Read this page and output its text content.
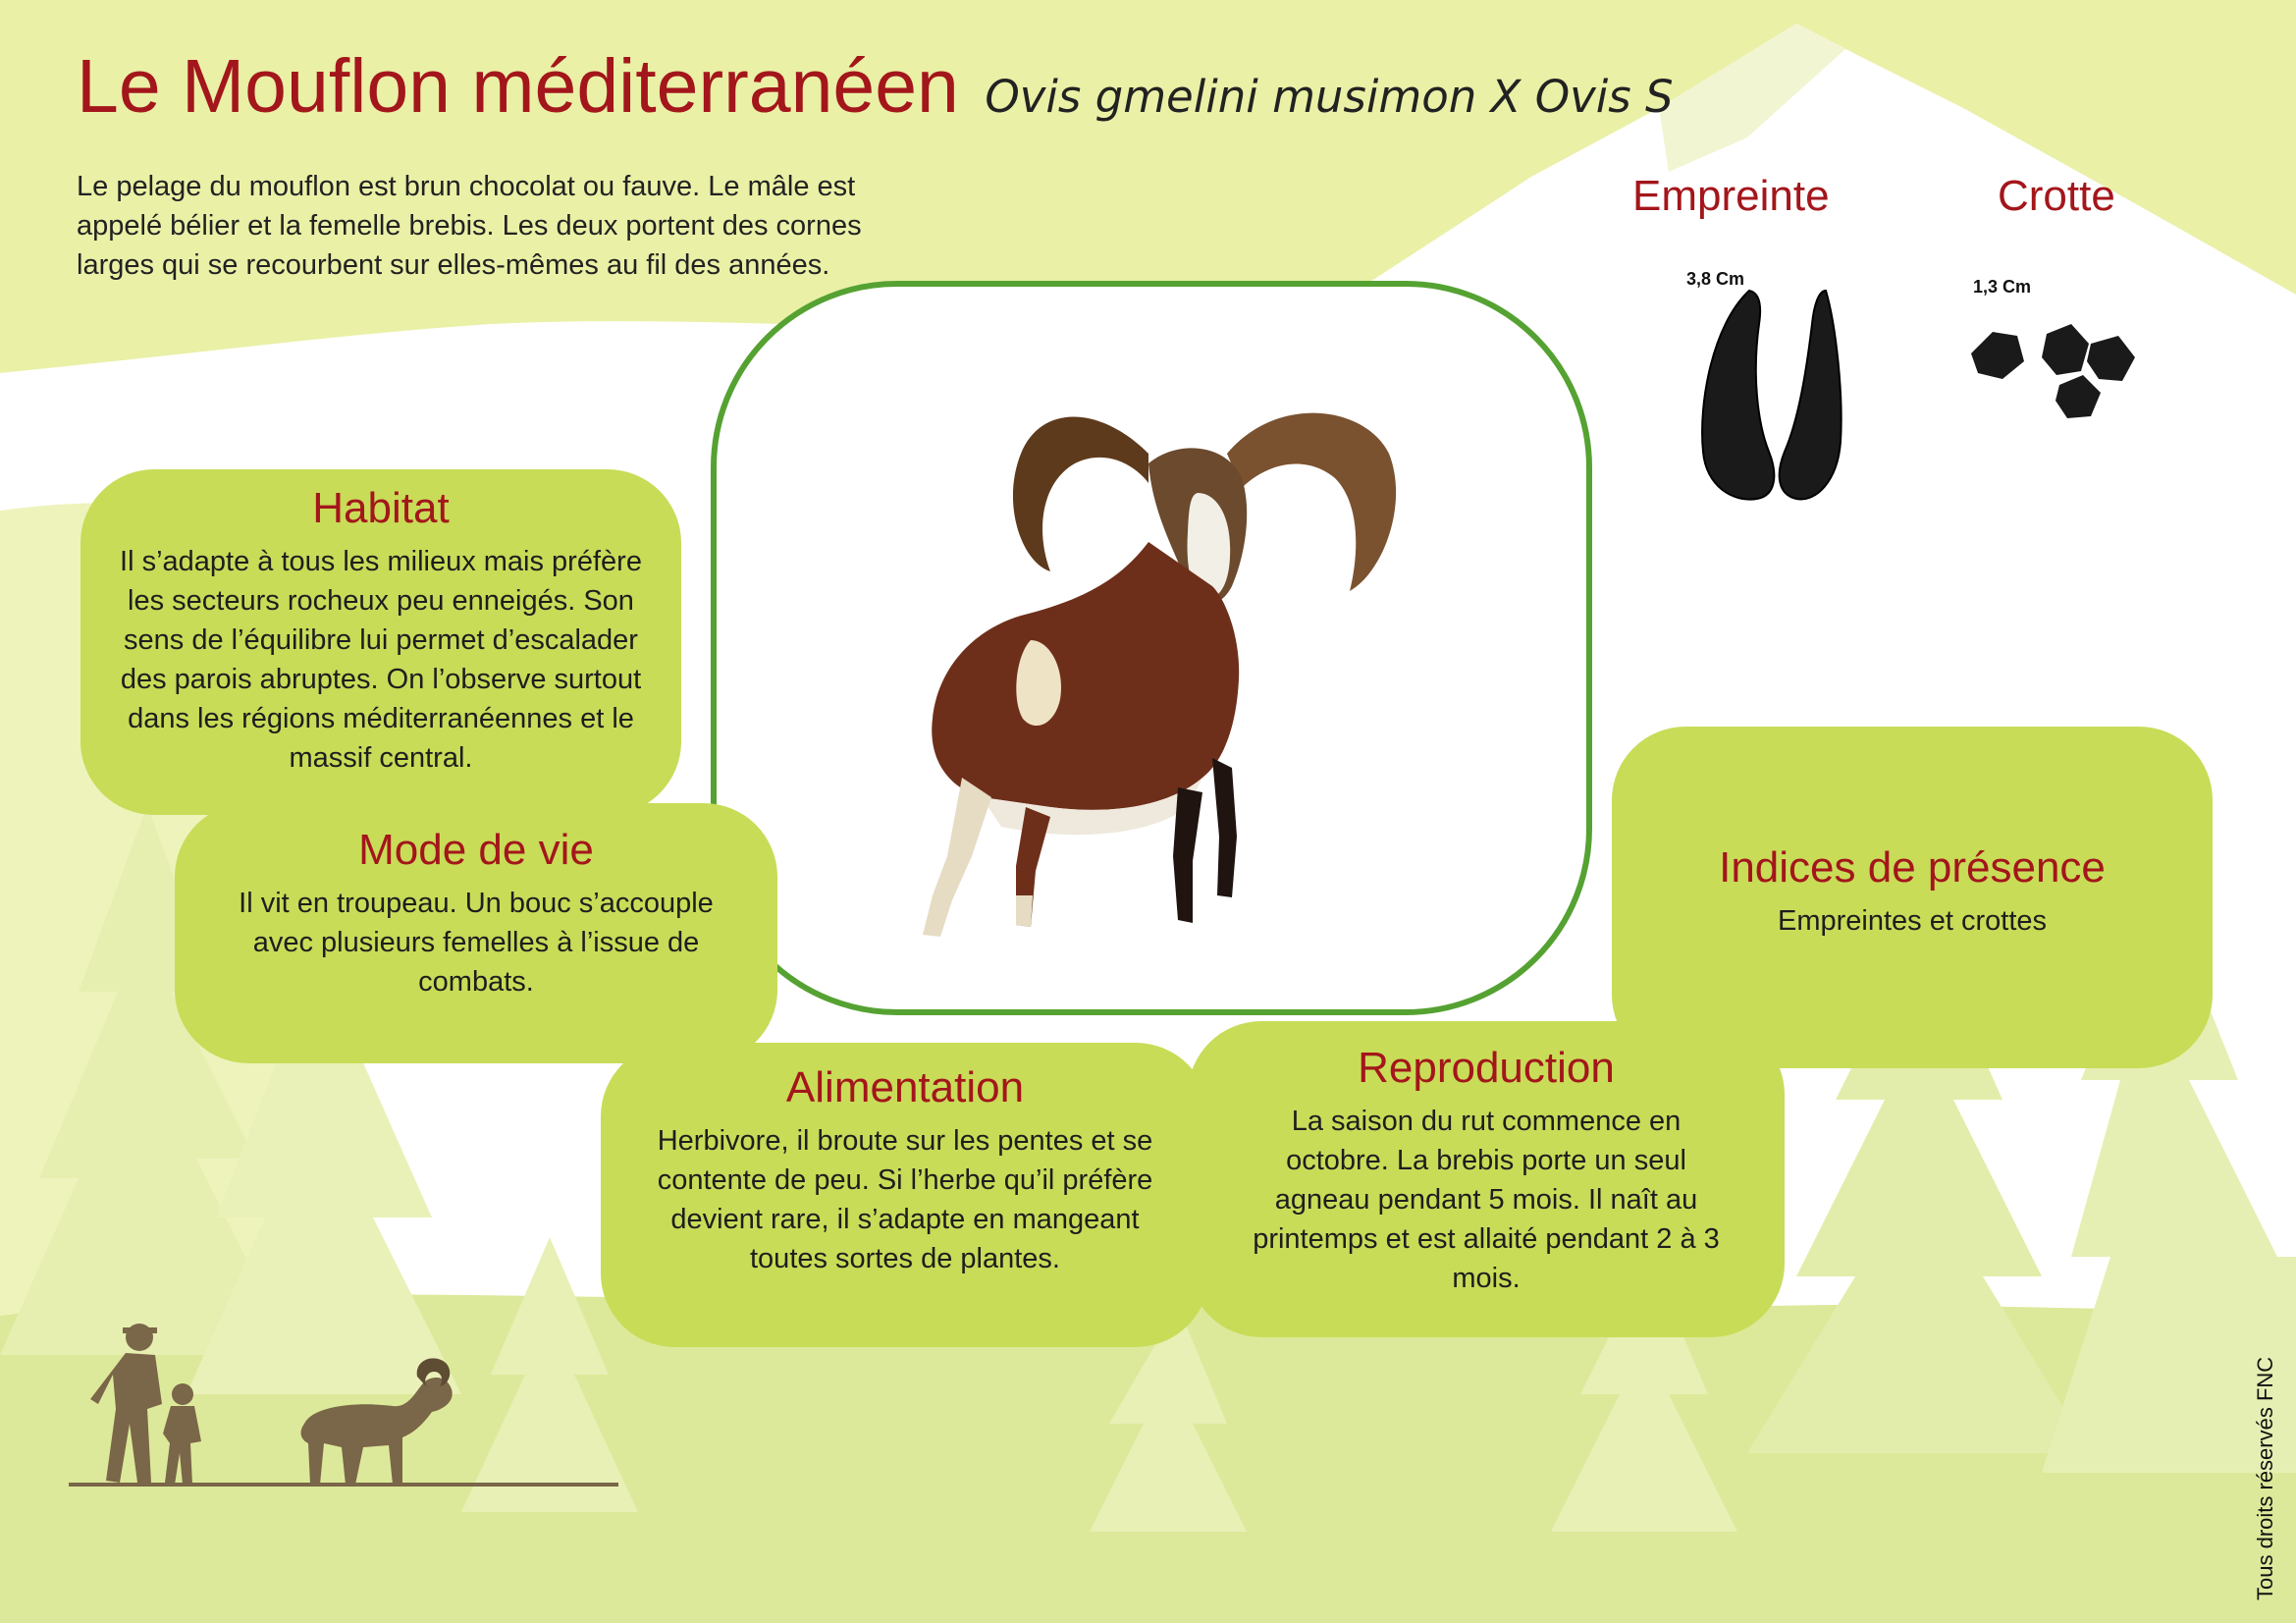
Le Mouflon méditerranéen Ovis gmelini musimon X Ovis S
Le pelage du mouflon est brun chocolat ou fauve. Le mâle est appelé bélier et la femelle brebis. Les deux portent des cornes larges qui se recourbent sur elles-mêmes au fil des années.
Empreinte	Crotte
3,8 Cm	1,3 Cm
Habitat
Il s’adapte à tous les milieux mais préfère les secteurs rocheux peu enneigés. Son sens de l’équilibre lui permet d’escalader des parois abruptes. On l’observe surtout dans les régions méditerranéennes et le massif central.
Mode de vie
Il vit en troupeau. Un bouc s’accouple avec plusieurs femelles à l’issue de combats.
Alimentation
Herbivore, il broute sur les pentes et se contente de peu. Si l’herbe qu’il préfère devient rare, il s’adapte en mangeant toutes sortes de plantes.
Reproduction
La saison du rut commence en octobre. La brebis porte un seul agneau pendant 5 mois. Il naît au printemps et est allaité pendant 2 à 3 mois.
Indices de présence
Empreintes et crottes
Tous droits réservés FNC
